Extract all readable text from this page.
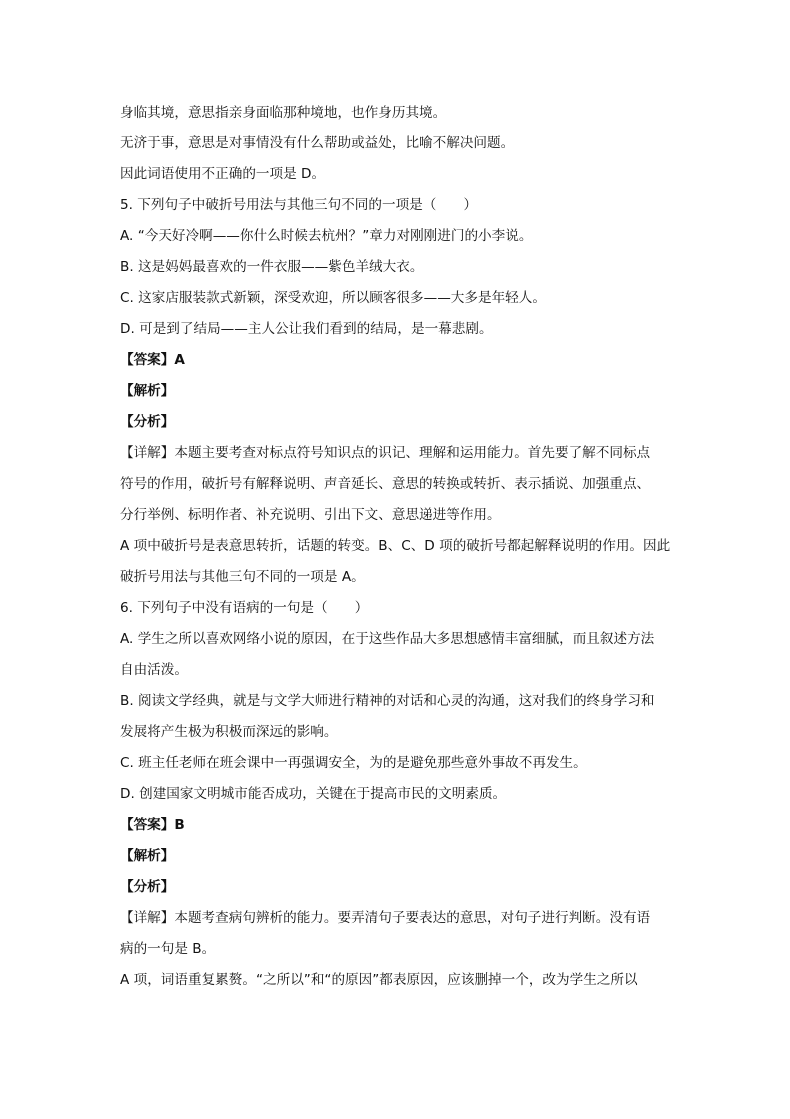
身临其境，意思指亲身面临那种境地，也作身历其境。
无济于事，意思是对事情没有什么帮助或益处，比喻不解决问题。
因此词语使用不正确的一项是 D。
5. 下列句子中破折号用法与其他三句不同的一项是（　　）
A. “今天好冷啊——你什么时候去杭州？”章力对刚刚进门的小李说。
B. 这是妈妈最喜欢的一件衣服——紫色羊绒大衣。
C. 这家店服装款式新颖，深受欢迎，所以顾客很多——大多是年轻人。
D. 可是到了结局——主人公让我们看到的结局，是一幕悲剧。
【答案】A
【解析】
【分析】
【详解】本题主要考查对标点符号知识点的识记、理解和运用能力。首先要了解不同标点
符号的作用，破折号有解释说明、声音延长、意思的转换或转折、表示插说、加强重点、
分行举例、标明作者、补充说明、引出下文、意思递进等作用。
A 项中破折号是表意思转折，话题的转变。B、C、D 项的破折号都起解释说明的作用。因此
破折号用法与其他三句不同的一项是 A。
6. 下列句子中没有语病的一句是（　　）
A. 学生之所以喜欢网络小说的原因，在于这些作品大多思想感情丰富细腻，而且叙述方法
自由活泼。
B. 阅读文学经典，就是与文学大师进行精神的对话和心灵的沟通，这对我们的终身学习和
发展将产生极为积极而深远的影响。
C. 班主任老师在班会课中一再强调安全，为的是避免那些意外事故不再发生。
D. 创建国家文明城市能否成功，关键在于提高市民的文明素质。
【答案】B
【解析】
【分析】
【详解】本题考查病句辨析的能力。要弄清句子要表达的意思，对句子进行判断。没有语
病的一句是 B。
A 项，词语重复累赘。“之所以”和“的原因”都表原因，应该删掉一个，改为学生之所以
